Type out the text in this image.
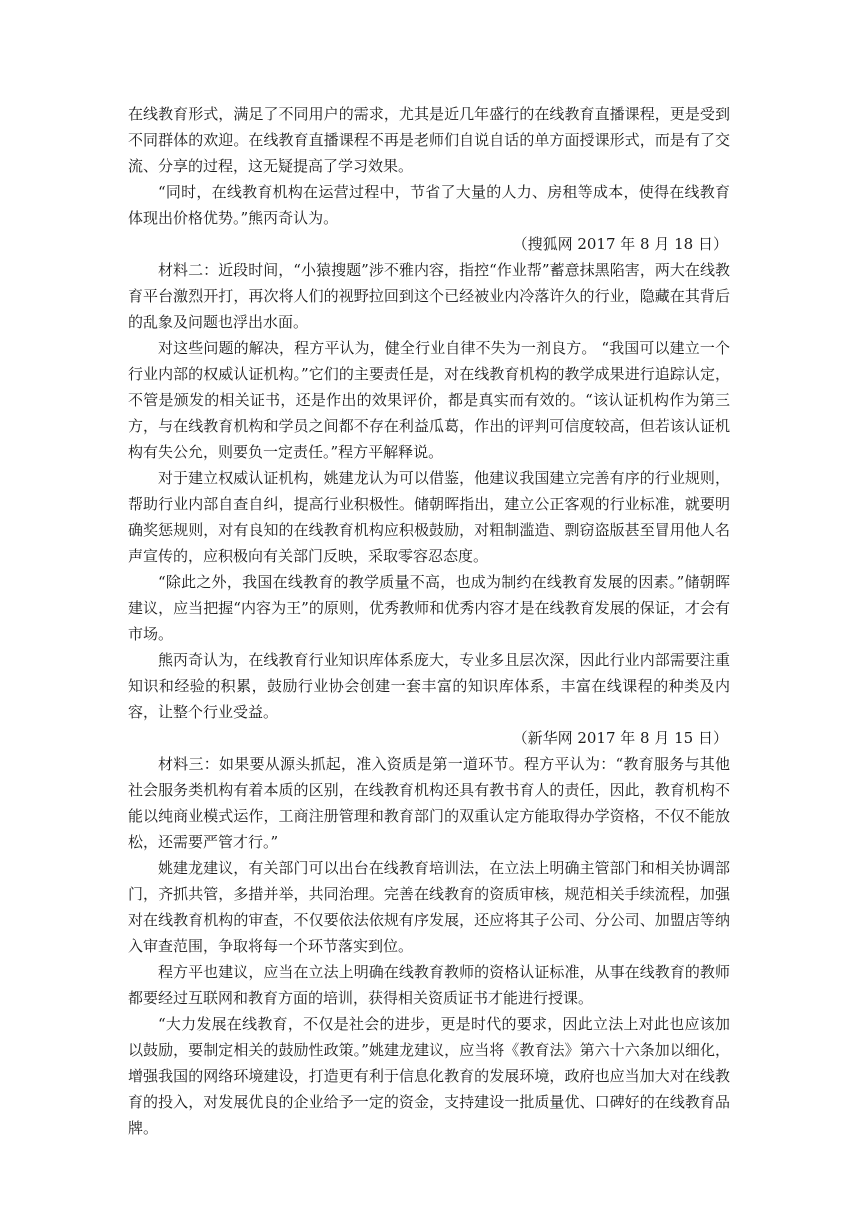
在线教育形式，满足了不同用户的需求，尤其是近几年盛行的在线教育直播课程，更是受到不同群体的欢迎。在线教育直播课程不再是老师们自说自话的单方面授课形式，而是有了交流、分享的过程，这无疑提高了学习效果。

“同时，在线教育机构在运营过程中，节省了大量的人力、房租等成本，使得在线教育体现出价格优势。”熊丙奇认为。

（搜狐网 2017 年 8 月 18 日）

材料二：近段时间，“小猿搜题”涉不雅内容，指控“作业帮”蓄意抹黑陷害，两大在线教育平台激烈开打，再次将人们的视野拉回到这个已经被业内冷落许久的行业，隐藏在其背后的乱象及问题也浮出水面。

对这些问题的解决，程方平认为，健全行业自律不失为一剂良方。 “我国可以建立一个行业内部的权威认证机构。”它们的主要责任是，对在线教育机构的教学成果进行追踪认定，不管是颁发的相关证书，还是作出的效果评价，都是真实而有效的。“该认证机构作为第三方，与在线教育机构和学员之间都不存在利益瓜葛，作出的评判可信度较高，但若该认证机构有失公允，则要负一定责任。”程方平解释说。

对于建立权威认证机构，姚建龙认为可以借鉴，他建议我国建立完善有序的行业规则，帮助行业内部自查自纠，提高行业积极性。储朝晖指出，建立公正客观的行业标准，就要明确奖惩规则，对有良知的在线教育机构应积极鼓励，对粗制滥造、剽窃盗版甚至冒用他人名声宣传的，应积极向有关部门反映，采取零容忍态度。

“除此之外，我国在线教育的教学质量不高，也成为制约在线教育发展的因素。”储朝晖建议，应当把握“内容为王”的原则，优秀教师和优秀内容才是在线教育发展的保证，才会有市场。

熊丙奇认为，在线教育行业知识库体系庞大，专业多且层次深，因此行业内部需要注重知识和经验的积累，鼓励行业协会创建一套丰富的知识库体系，丰富在线课程的种类及内容，让整个行业受益。

（新华网 2017 年 8 月 15 日）

材料三：如果要从源头抓起，准入资质是第一道环节。程方平认为：“教育服务与其他社会服务类机构有着本质的区别，在线教育机构还具有教书育人的责任，因此，教育机构不能以纯商业模式运作，工商注册管理和教育部门的双重认定方能取得办学资格，不仅不能放松，还需要严管才行。”

姚建龙建议，有关部门可以出台在线教育培训法，在立法上明确主管部门和相关协调部门，齐抓共管，多措并举，共同治理。完善在线教育的资质审核，规范相关手续流程，加强对在线教育机构的审查，不仅要依法依规有序发展，还应将其子公司、分公司、加盟店等纳入审查范围，争取将每一个环节落实到位。

程方平也建议，应当在立法上明确在线教育教师的资格认证标准，从事在线教育的教师都要经过互联网和教育方面的培训，获得相关资质证书才能进行授课。

“大力发展在线教育，不仅是社会的进步，更是时代的要求，因此立法上对此也应该加以鼓励，要制定相关的鼓励性政策。”姚建龙建议，应当将《教育法》第六十六条加以细化，增强我国的网络环境建设，打造更有利于信息化教育的发展环境，政府也应当加大对在线教育的投入，对发展优良的企业给予一定的资金，支持建设一批质量优、口碑好的在线教育品牌。
